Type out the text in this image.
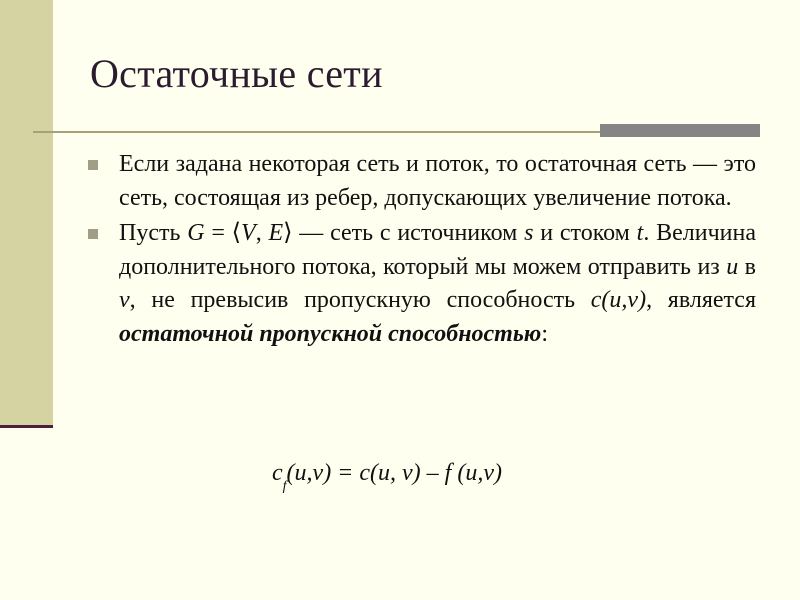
Остаточные сети
Если задана некоторая сеть и поток, то остаточная сеть — это сеть, состоящая из ребер, допускающих увеличение потока.
Пусть G = ⟨V, E⟩ — сеть с источником s и стоком t. Величина дополнительного потока, который мы можем отправить из u в v, не превысив пропускную способность c(u,v), является остаточной пропускной способностью:
$c_f(u,v) = c(u$, v) – f (u,v)
